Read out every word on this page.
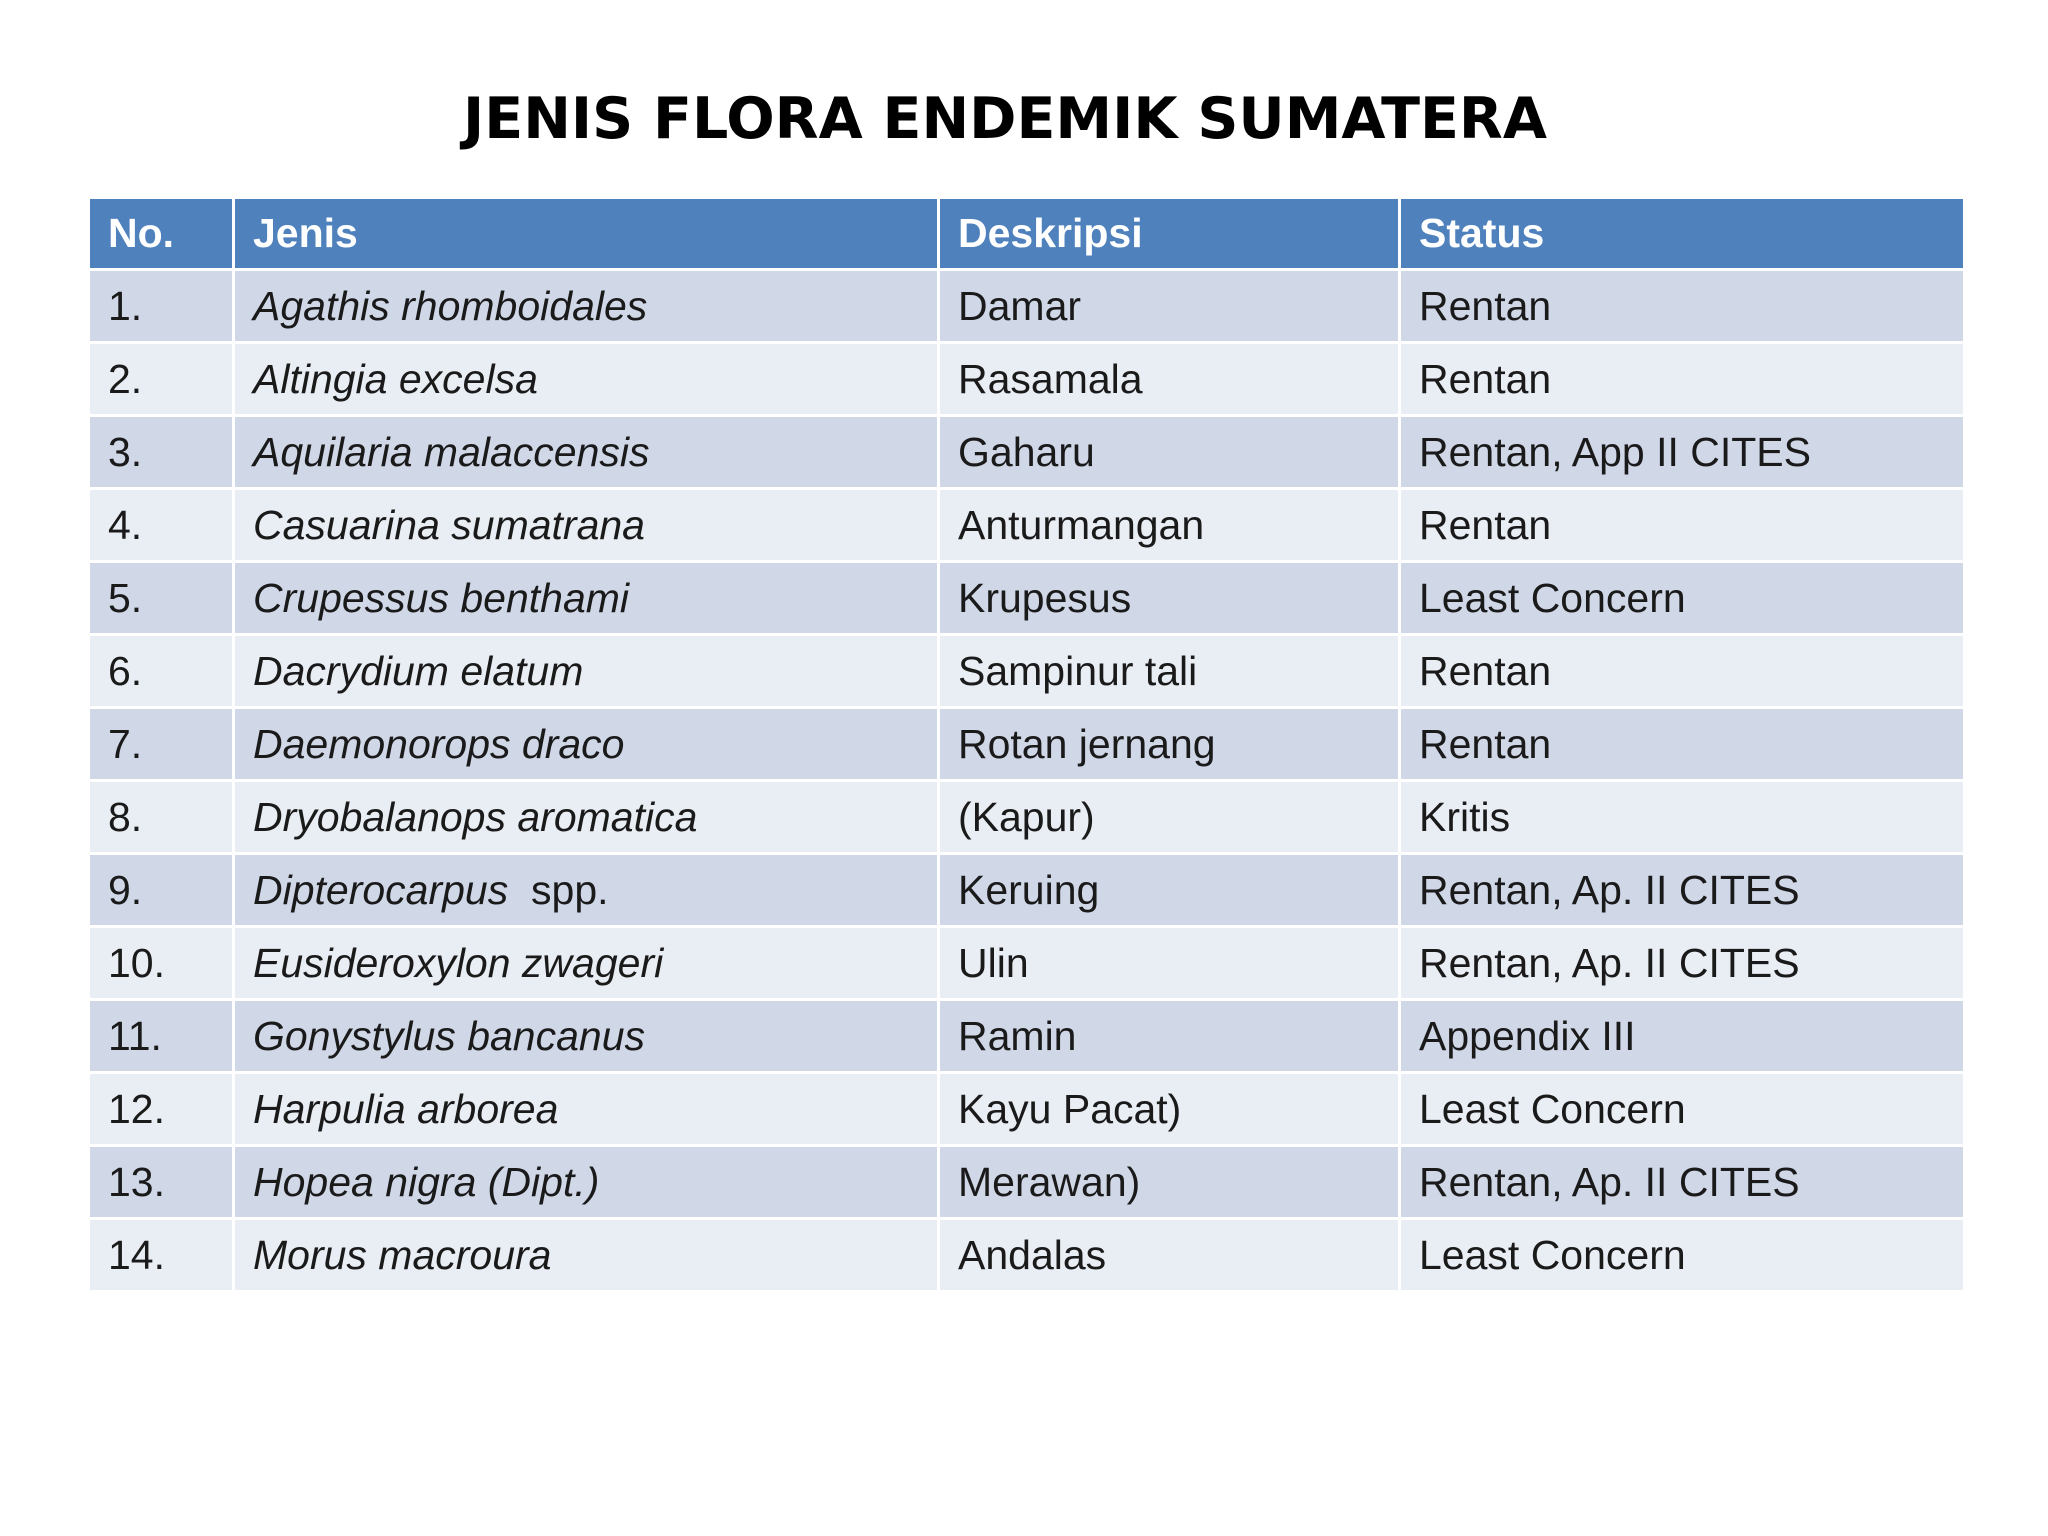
JENIS FLORA ENDEMIK SUMATERA
No.	Jenis	Deskripsi	Status
1.	Agathis rhomboidales	Damar	Rentan
2.	Altingia excelsa	Rasamala	Rentan
3.	Aquilaria malaccensis	Gaharu	Rentan, App II CITES
4.	Casuarina sumatrana	Anturmangan	Rentan
5.	Crupessus benthami	Krupesus	Least Concern
6.	Dacrydium elatum	Sampinur tali	Rentan
7.	Daemonorops draco	Rotan jernang	Rentan
8.	Dryobalanops aromatica	(Kapur)	Kritis
9.	Dipterocarpus  spp.	Keruing	Rentan, Ap. II CITES
10.	Eusideroxylon zwageri	Ulin	Rentan, Ap. II CITES
11.	Gonystylus bancanus	Ramin	Appendix III
12.	Harpulia arborea	Kayu Pacat)	Least Concern
13.	Hopea nigra (Dipt.)	Merawan)	Rentan, Ap. II CITES
14.	Morus macroura	Andalas	Least Concern
